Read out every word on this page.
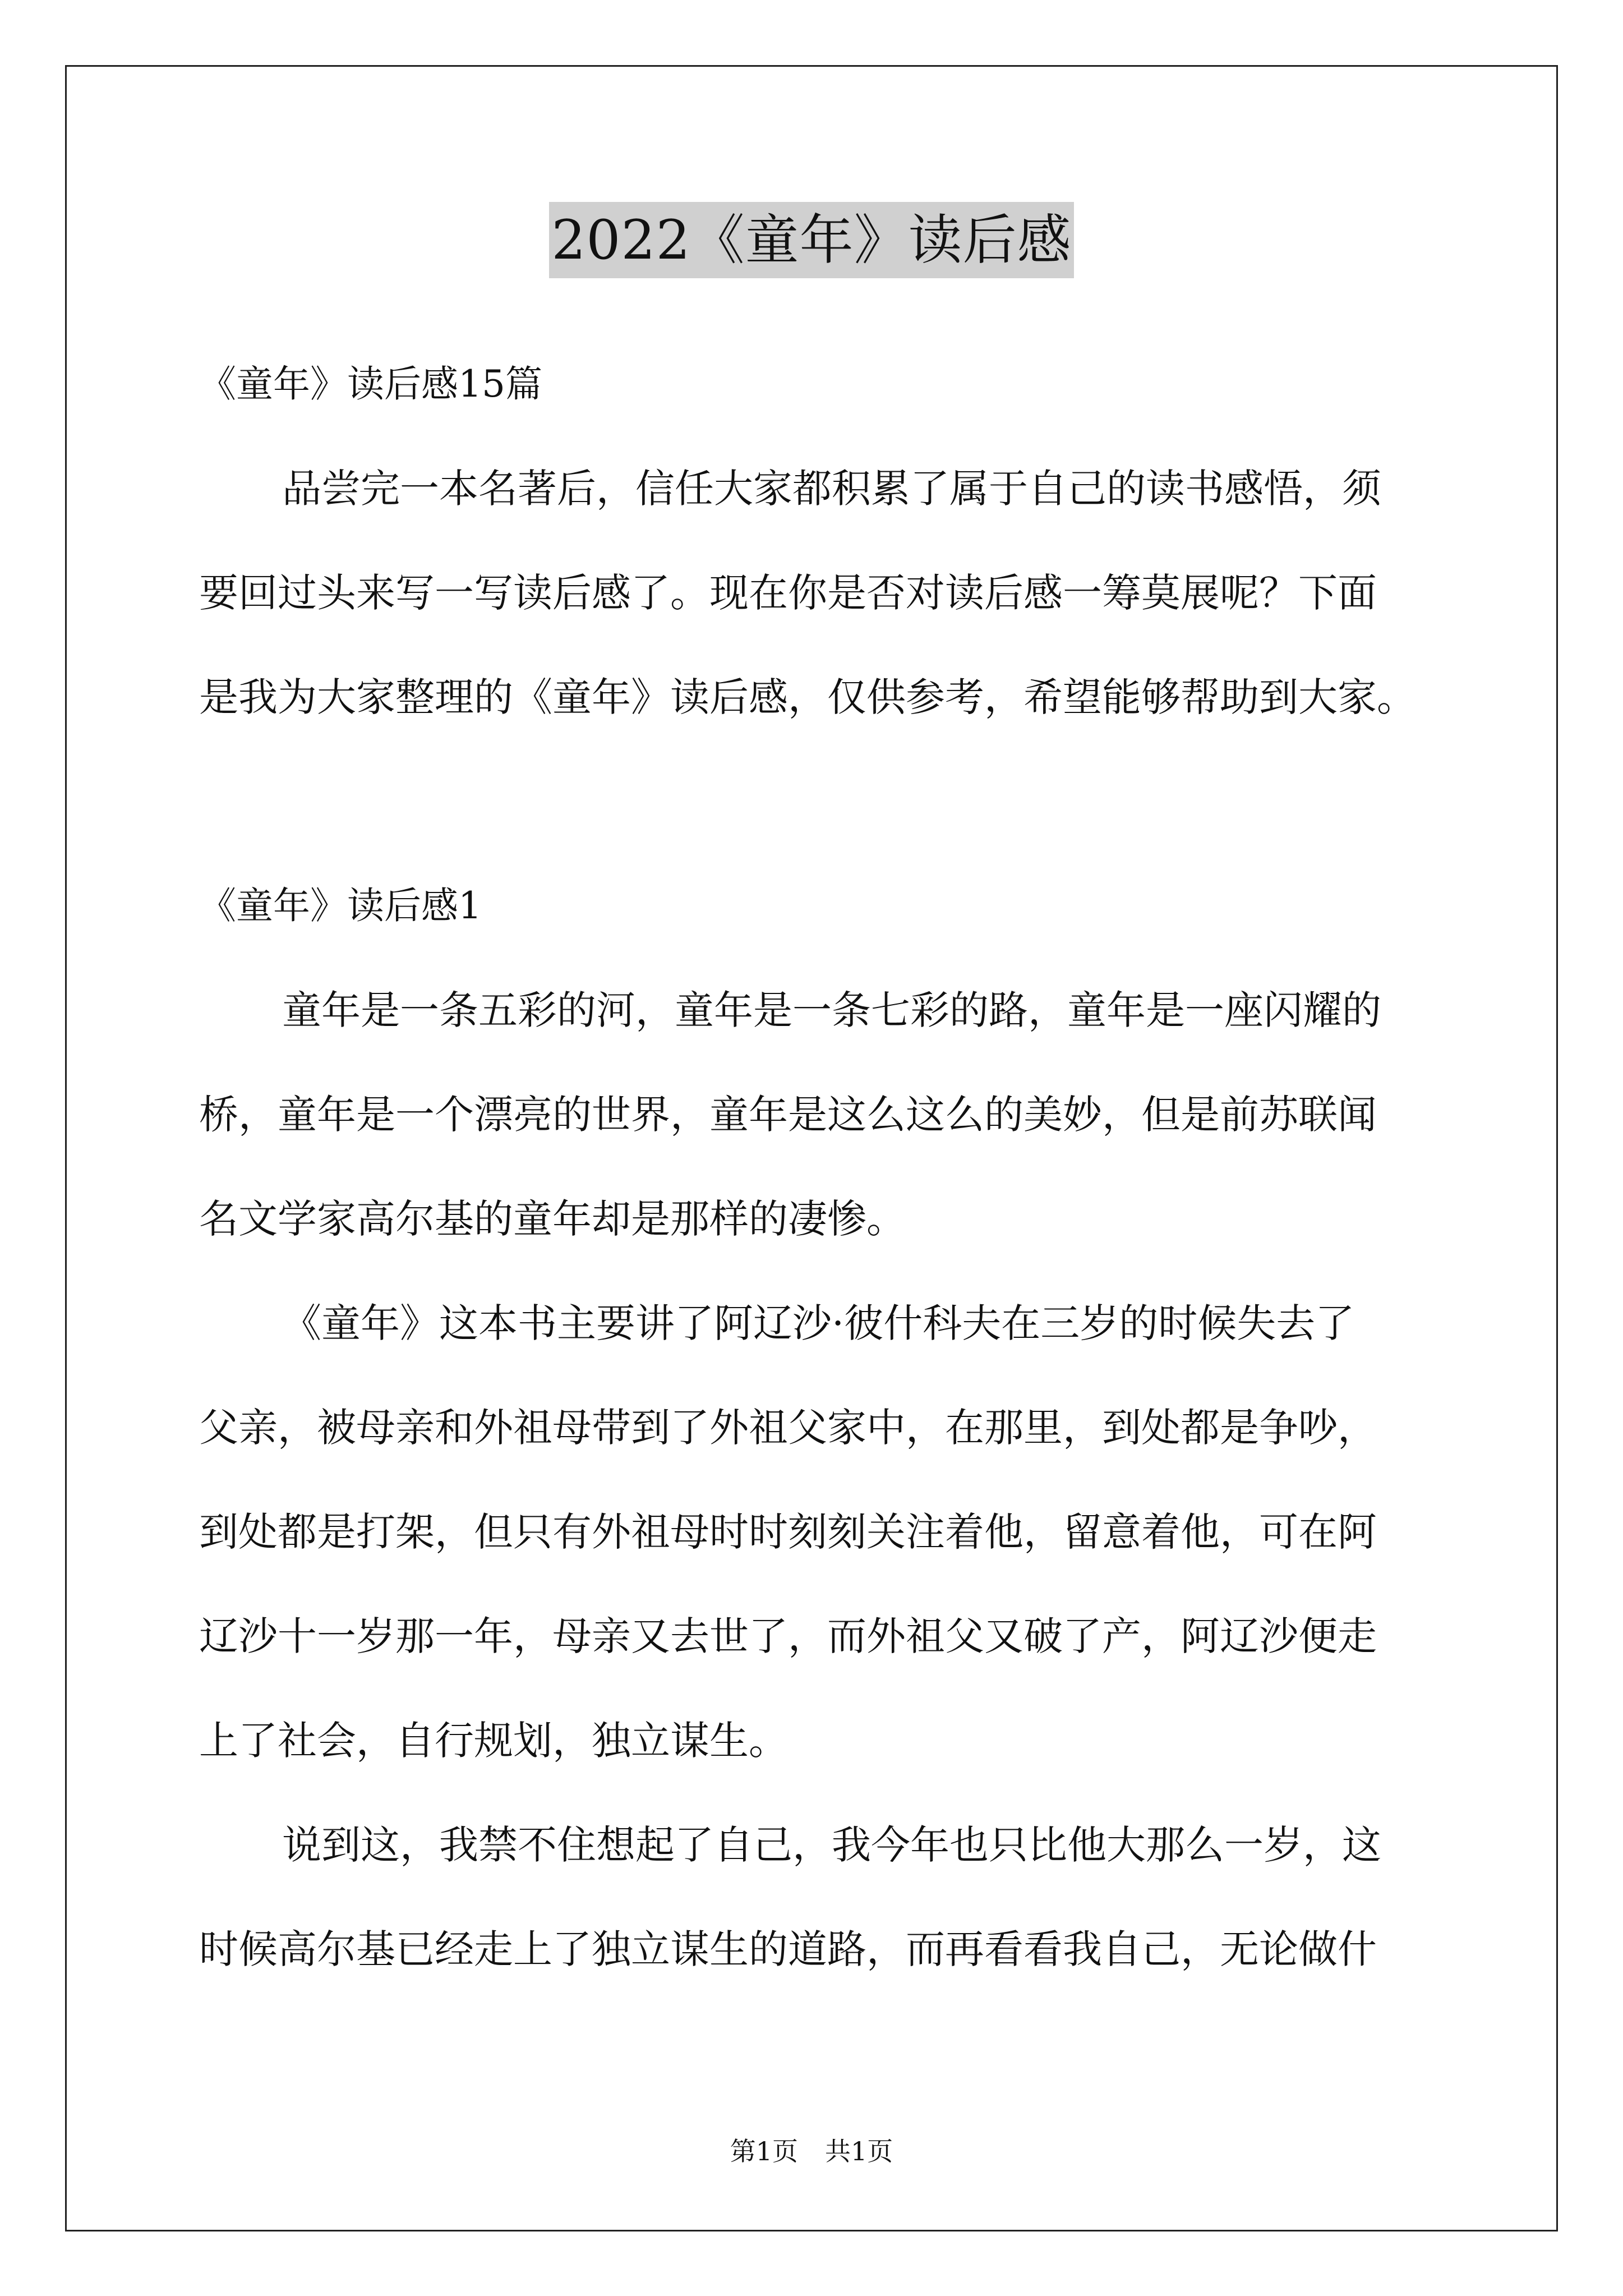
2022《童年》读后感

《童年》读后感15篇

品尝完一本名著后，信任大家都积累了属于自己的读书感悟，须

要回过头来写一写读后感了。现在你是否对读后感一筹莫展呢？下面

是我为大家整理的《童年》读后感，仅供参考，希望能够帮助到大家。

《童年》读后感1

童年是一条五彩的河，童年是一条七彩的路，童年是一座闪耀的

桥，童年是一个漂亮的世界，童年是这么这么的美妙，但是前苏联闻

名文学家高尔基的童年却是那样的凄惨。

《童年》这本书主要讲了阿辽沙·彼什科夫在三岁的时候失去了

父亲，被母亲和外祖母带到了外祖父家中，在那里，到处都是争吵，

到处都是打架，但只有外祖母时时刻刻关注着他，留意着他，可在阿

辽沙十一岁那一年，母亲又去世了，而外祖父又破了产，阿辽沙便走

上了社会，自行规划，独立谋生。

说到这，我禁不住想起了自己，我今年也只比他大那么一岁，这

时候高尔基已经走上了独立谋生的道路，而再看看我自己，无论做什

第1页 共1页
